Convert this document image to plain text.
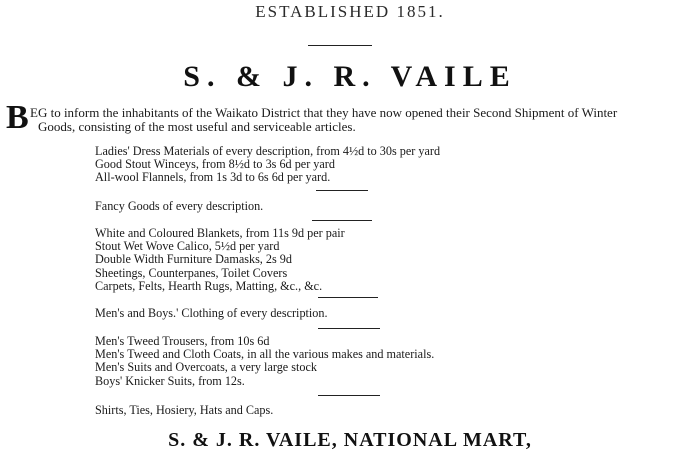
ESTABLISHED 1851.
S. & J. R. VAILE
B EG to inform the inhabitants of the Waikato District that they have now opened their Second Shipment of Winter
Goods, consisting of the most useful and serviceable articles.
Ladies' Dress Materials of every description, from 4½d to 30s per yard
Good Stout Winceys, from 8½d to 3s 6d per yard
All-wool Flannels, from 1s 3d to 6s 6d per yard.
Fancy Goods of every description.
White and Coloured Blankets, from 11s 9d per pair
Stout Wet Wove Calico, 5½d per yard
Double Width Furniture Damasks, 2s 9d
Sheetings, Counterpanes, Toilet Covers
Carpets, Felts, Hearth Rugs, Matting, &c., &c.
Men's and Boys.' Clothing of every description.
Men's Tweed Trousers, from 10s 6d
Men's Tweed and Cloth Coats, in all the various makes and materials.
Men's Suits and Overcoats, a very large stock
Boys' Knicker Suits, from 12s.
Shirts, Ties, Hosiery, Hats and Caps.
S. & J. R. VAILE, NATIONAL MART,
